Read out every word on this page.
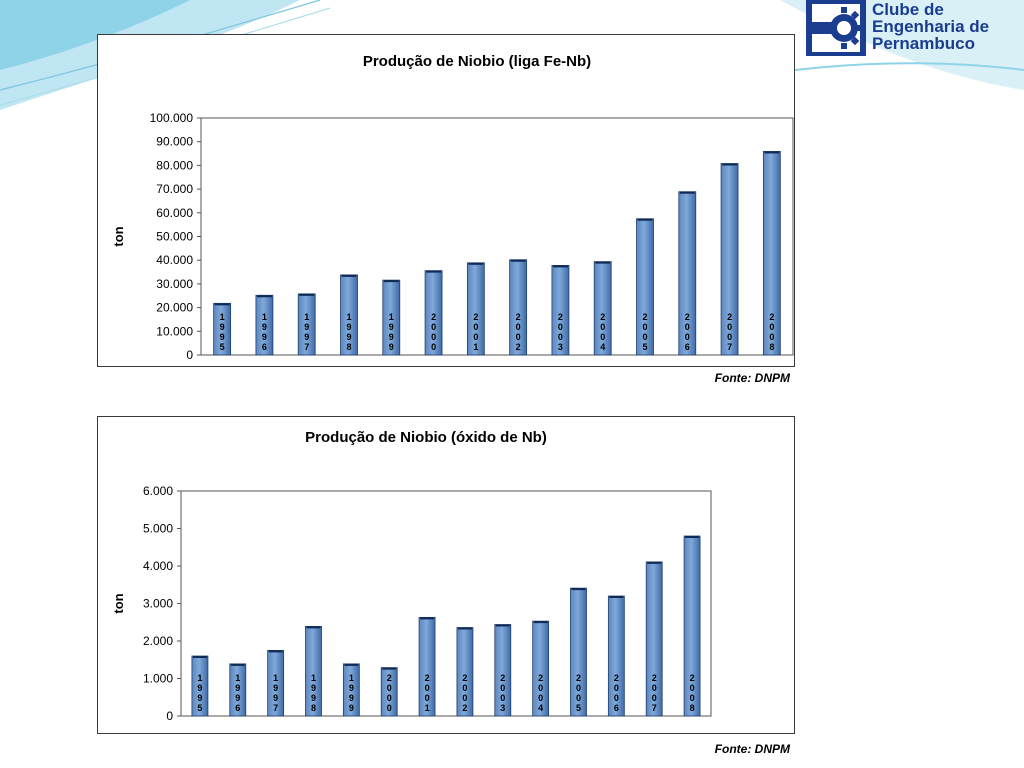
Clube de
Engenharia de
Pernambuco
Produção de Niobio (liga Fe-Nb)
ton
0
10.000
20.000
30.000
40.000
50.000
60.000
70.000
80.000
90.000
100.000
1 9 9 5
1 9 9 6
1 9 9 7
1 9 9 8
1 9 9 9
2 0 0 0
2 0 0 1
2 0 0 2
2 0 0 3
2 0 0 4
2 0 0 5
2 0 0 6
2 0 0 7
2 0 0 8
Fonte: DNPM
Produção de Niobio (óxido de Nb)
ton
0
1.000
2.000
3.000
4.000
5.000
6.000
1 9 9 5
1 9 9 6
1 9 9 7
1 9 9 8
1 9 9 9
2 0 0 0
2 0 0 1
2 0 0 2
2 0 0 3
2 0 0 4
2 0 0 5
2 0 0 6
2 0 0 7
2 0 0 8
Fonte: DNPM
